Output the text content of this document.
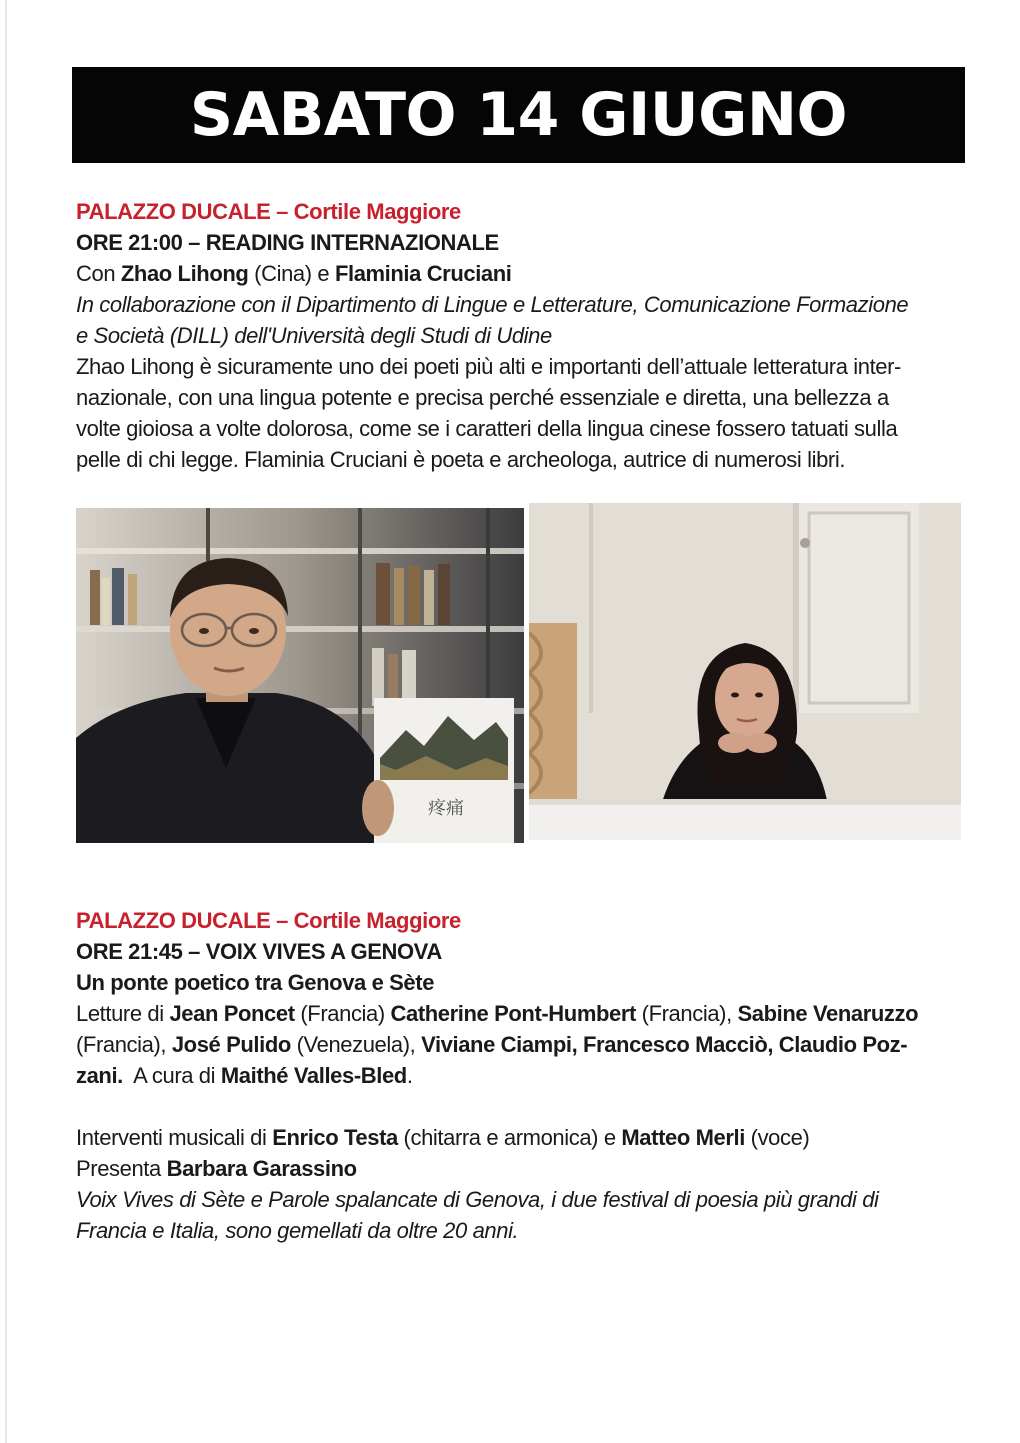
SABATO 14 GIUGNO

PALAZZO DUCALE – Cortile Maggiore

ORE 21:00 – READING INTERNAZIONALE

Con Zhao Lihong (Cina) e Flaminia Cruciani

In collaborazione con il Dipartimento di Lingue e Letterature, Comunicazione Formazione

e Società (DILL) dell'Università degli Studi di Udine

Zhao Lihong è sicuramente uno dei poeti più alti e importanti dell’attuale letteratura inter-

nazionale, con una lingua potente e precisa perché essenziale e diretta, una bellezza a

volte gioiosa a volte dolorosa, come se i caratteri della lingua cinese fossero tatuati sulla

pelle di chi legge. Flaminia Cruciani è poeta e archeologa, autrice di numerosi libri.

疼痛

PALAZZO DUCALE – Cortile Maggiore

ORE 21:45 – VOIX VIVES A GENOVA

Un ponte poetico tra Genova e Sète

Letture di Jean Poncet (Francia) Catherine Pont-Humbert (Francia), Sabine Venaruzzo

(Francia), José Pulido (Venezuela), Viviane Ciampi, Francesco Macciò, Claudio Poz-

zani.  A cura di Maithé Valles-Bled.

Interventi musicali di Enrico Testa (chitarra e armonica) e Matteo Merli (voce)

Presenta Barbara Garassino

Voix Vives di Sète e Parole spalancate di Genova, i due festival di poesia più grandi di

Francia e Italia, sono gemellati da oltre 20 anni.
